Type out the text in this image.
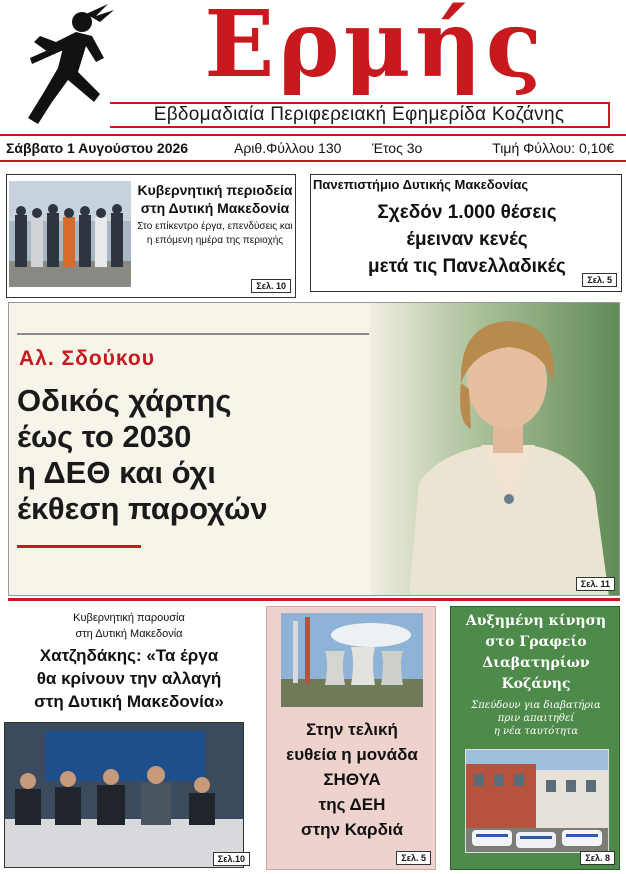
Ερμής
Εβδομαδιαία Περιφερειακή Εφημερίδα Κοζάνης
Σάββατο 1 Αυγούστου 2026	Αριθ.Φύλλου 130 Έτος 3ο	Τιμή Φύλλου: 0,10€
Κυβερνητική περιοδεία στη Δυτική Μακεδονία
Στο επίκεντρο έργα, επενδύσεις και η επόμενη ημέρα της περιοχής
Σελ. 10
Πανεπιστήμιο Δυτικής Μακεδονίας
Σχεδόν 1.000 θέσεις
έμειναν κενές
μετά τις Πανελλαδικές
Σελ. 5
Αλ. Σδούκου
Οδικός χάρτης
έως το 2030
η ΔΕΘ και όχι
έκθεση παροχών
Σελ. 11
Κυβερνητική παρουσία
στη Δυτική Μακεδονία
Χατζηδάκης: «Τα έργα
θα κρίνουν την αλλαγή
στη Δυτική Μακεδονία»
Σελ.10
Στην τελική
ευθεία η μονάδα
ΣΗΘΥΑ
της ΔΕΗ
στην Καρδιά
Σελ. 5
Αυξημένη κίνηση
στο Γραφείο
Διαβατηρίων
Κοζάνης
Σπεύδουν για διαβατήρια
πριν απαιτηθεί
η νέα ταυτότητα
Σελ. 8
